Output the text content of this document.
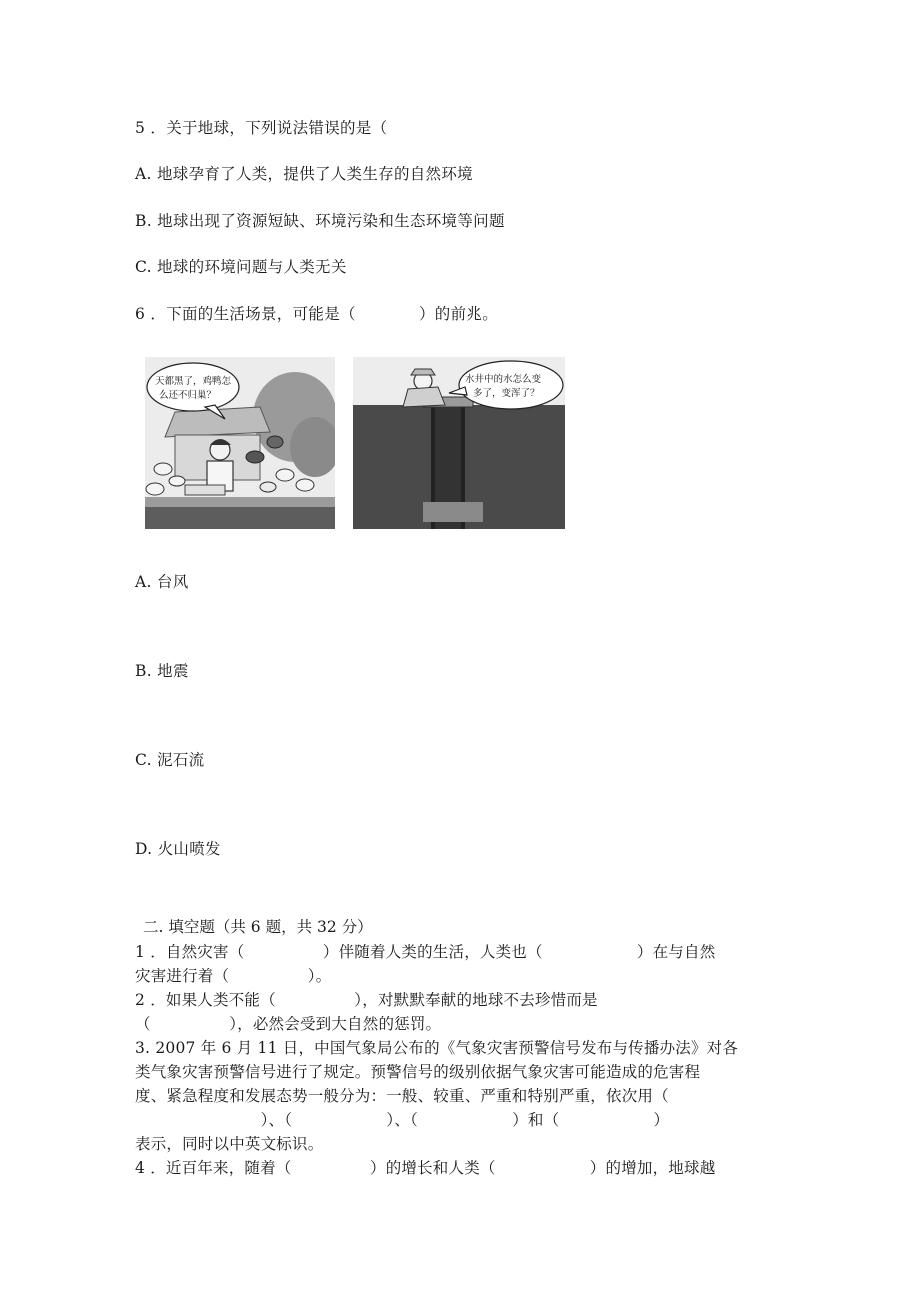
5 ．关于地球，下列说法错误的是（
A. 地球孕育了人类，提供了人类生存的自然环境
B. 地球出现了资源短缺、环境污染和生态环境等问题
C. 地球的环境问题与人类无关
6 ．下面的生活场景，可能是（　　　　）的前兆。
天都黑了，鸡鸭怎
么还不归巢？
水井中的水怎么变
多了，变浑了？
A. 台风
B. 地震
C. 泥石流
D. 火山喷发
二. 填空题（共 6 题，共 32 分）
1 ．自然灾害（　　　　　）伴随着人类的生活，人类也（　　　　　　）在与自然
灾害进行着（　　　　　）。
2 ．如果人类不能（　　　　　），对默默奉献的地球不去珍惜而是
（　　　　　），必然会受到大自然的惩罚。
3. 2007 年 6 月 11 日，中国气象局公布的《气象灾害预警信号发布与传播办法》对各
类气象灾害预警信号进行了规定。预警信号的级别依据气象灾害可能造成的危害程
度、紧急程度和发展态势一般分为：一般、较重、严重和特别严重，依次用（
　　　　　　　　）、（　　　　　　）、（　　　　　　）和（　　　　　　）
表示，同时以中英文标识。
4 ．近百年来，随着（　　　　　）的增长和人类（　　　　　　）的增加，地球越
